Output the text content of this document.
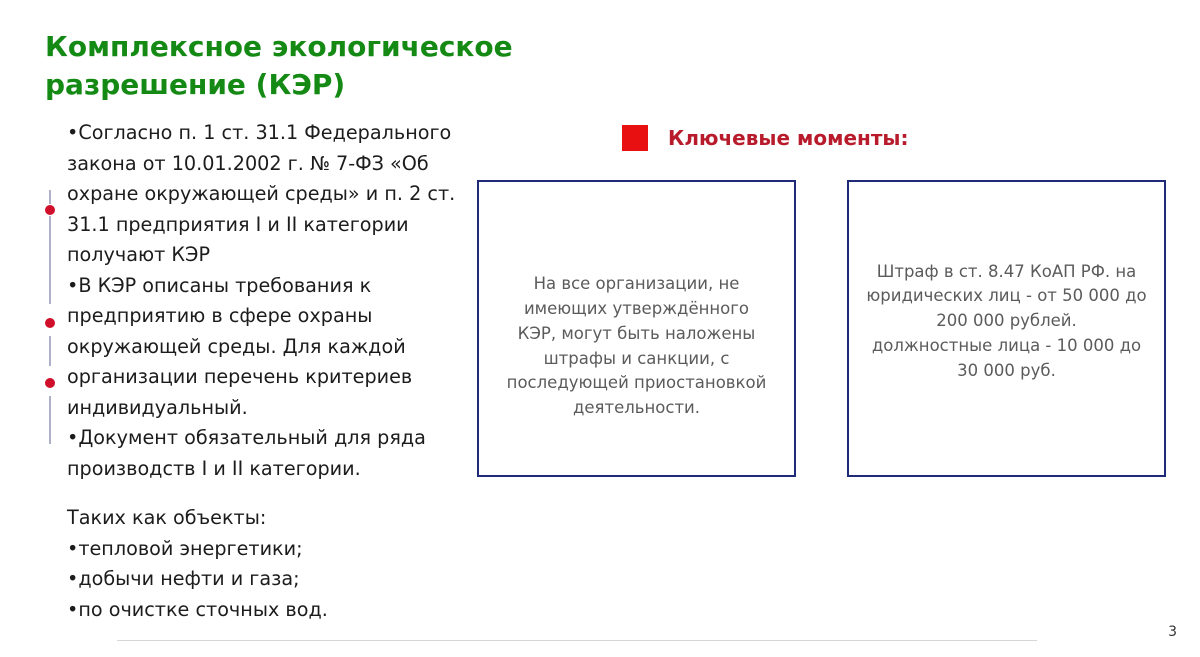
Комплексное экологическое
разрешение (КЭР)
•Согласно п. 1 ст. 31.1 Федерального
закона от 10.01.2002 г. № 7-ФЗ «Об
охране окружающей среды» и п. 2 ст.
31.1 предприятия I и II категории
получают КЭР
•В КЭР описаны требования к
предприятию в сфере охраны
окружающей среды. Для каждой
организации перечень критериев
индивидуальный.
•Документ обязательный для ряда
производств I и II категории.
Таких как объекты:
•тепловой энергетики;
•добычи нефти и газа;
•по очистке сточных вод.
Ключевые моменты:
На все организации, не
имеющих утверждённого
КЭР, могут быть наложены
штрафы и санкции, с
последующей приостановкой
деятельности.
Штраф в ст. 8.47 КоАП РФ. на
юридических лиц - от 50 000 до
200 000 рублей.
должностные лица - 10 000 до
30 000 руб.
3
